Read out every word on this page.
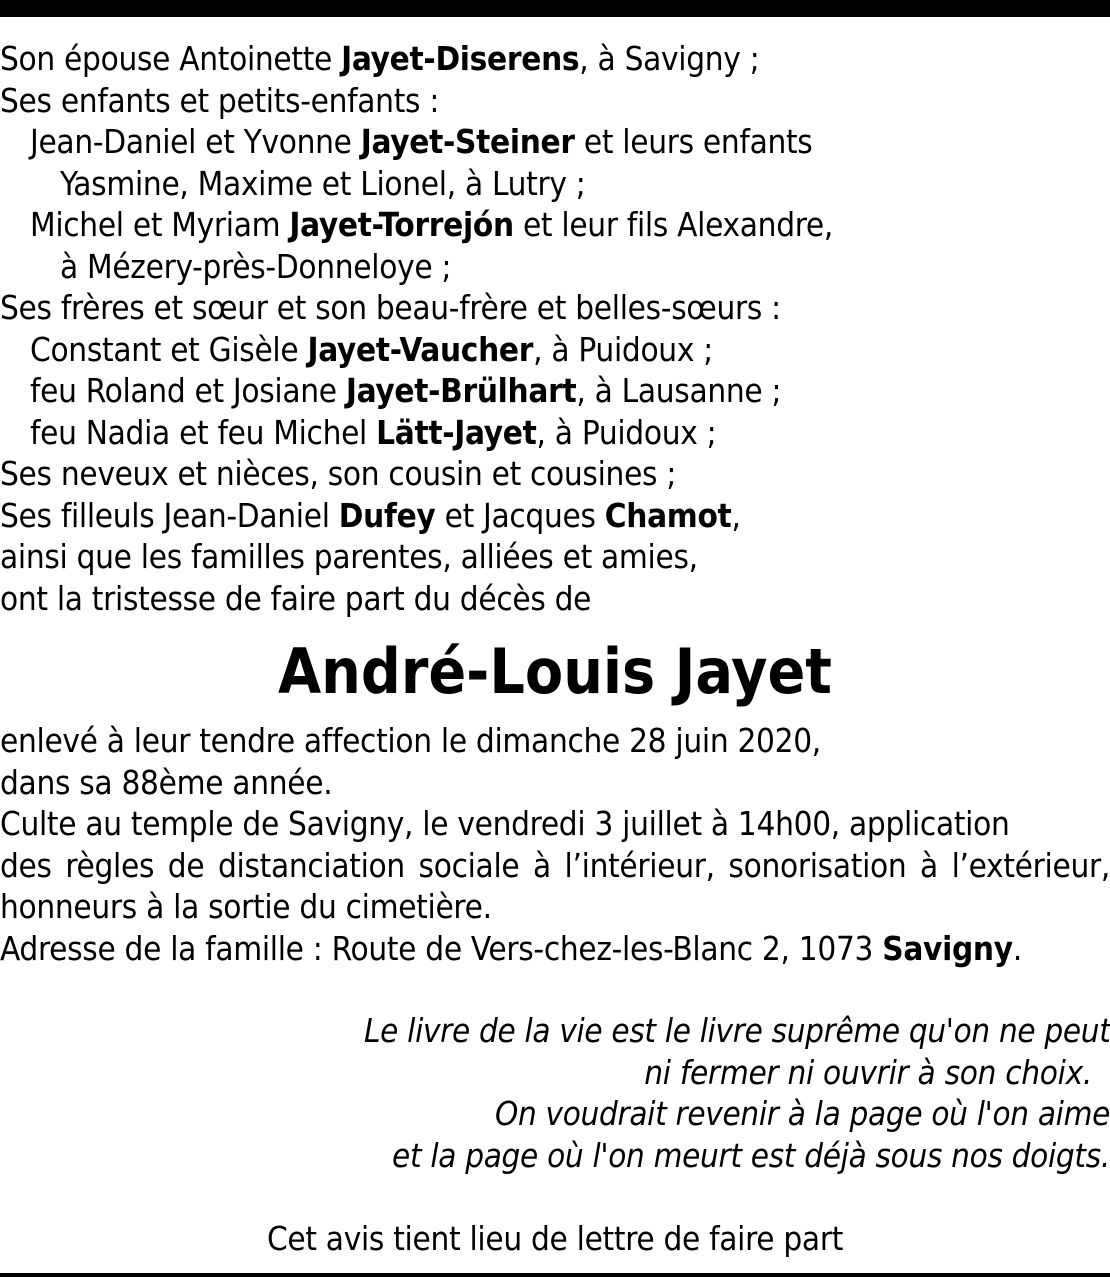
Son épouse Antoinette Jayet-Diserens, à Savigny ;
Ses enfants et petits-enfants :
Jean-Daniel et Yvonne Jayet-Steiner et leurs enfants
Yasmine, Maxime et Lionel, à Lutry ;
Michel et Myriam Jayet-Torrejón et leur fils Alexandre,
à Mézery-près-Donneloye ;
Ses frères et sœur et son beau-frère et belles-sœurs :
Constant et Gisèle Jayet-Vaucher, à Puidoux ;
feu Roland et Josiane Jayet-Brülhart, à Lausanne ;
feu Nadia et feu Michel Lätt-Jayet, à Puidoux ;
Ses neveux et nièces, son cousin et cousines ;
Ses filleuls Jean-Daniel Dufey et Jacques Chamot,
ainsi que les familles parentes, alliées et amies,
ont la tristesse de faire part du décès de
André-Louis Jayet
enlevé à leur tendre affection le dimanche 28 juin 2020,
dans sa 88ème année.
Culte au temple de Savigny, le vendredi 3 juillet à 14h00, application
des règles de distanciation sociale à l’intérieur, sonorisation à l’extérieur,
honneurs à la sortie du cimetière.
Adresse de la famille : Route de Vers-chez-les-Blanc 2, 1073 Savigny.
Le livre de la vie est le livre suprême qu'on ne peut
ni fermer ni ouvrir à son choix.
On voudrait revenir à la page où l'on aime
et la page où l'on meurt est déjà sous nos doigts.
Cet avis tient lieu de lettre de faire part
